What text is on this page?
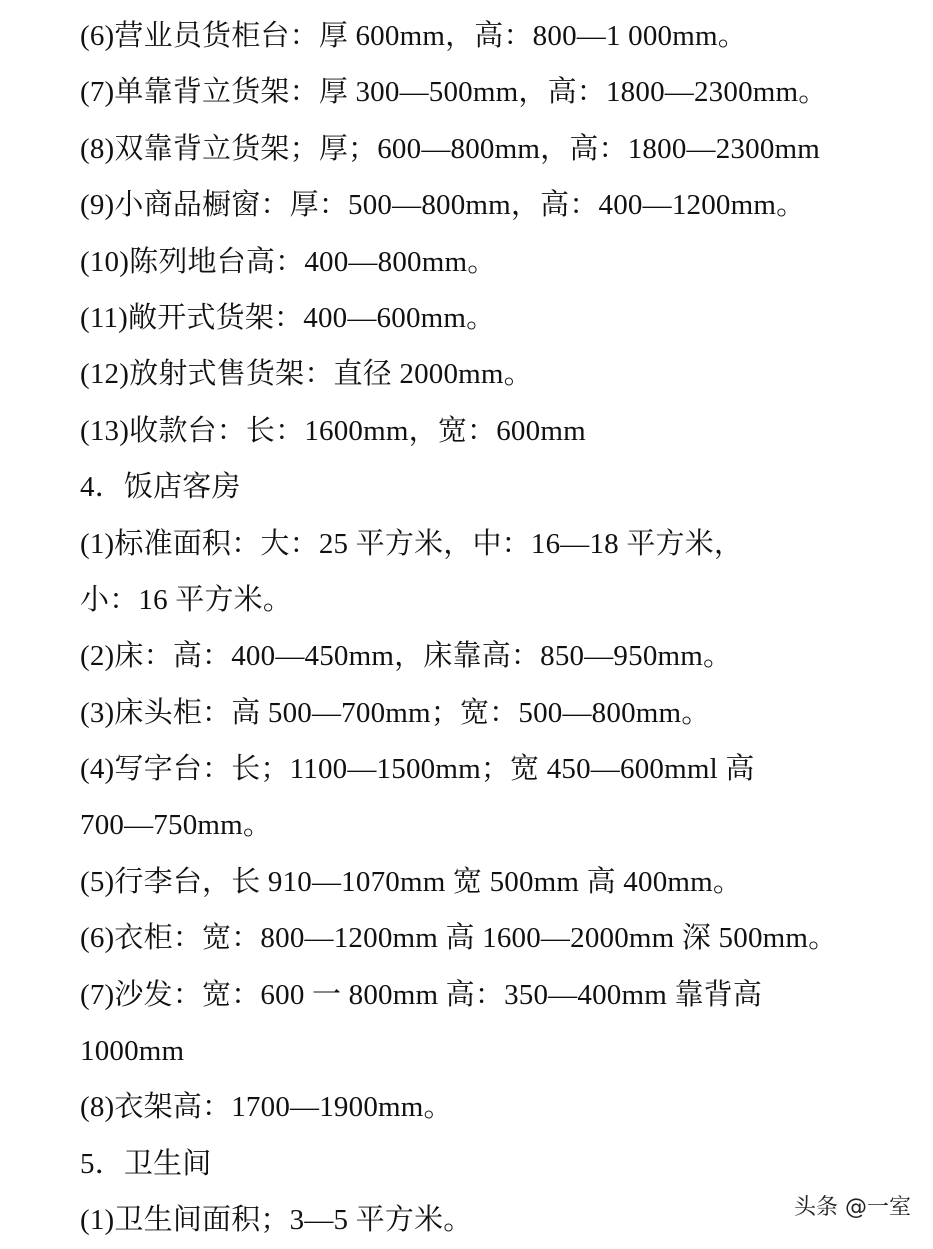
(6)营业员货柜台：厚 600mm，高：800—1 000mm。
(7)单靠背立货架：厚 300—500mm，高：1800—2300mm。
(8)双靠背立货架；厚；600—800mm，高：1800—2300mm
(9)小商品橱窗：厚：500—800mm，高：400—1200mm。
(10)陈列地台高：400—800mm。
(11)敞开式货架：400—600mm。
(12)放射式售货架：直径 2000mm。
(13)收款台：长：1600mm，宽：600mm
4．饭店客房
(1)标准面积：大：25 平方米，中：16—18 平方米，
小：16 平方米。
(2)床：高：400—450mm，床靠高：850—950mm。
(3)床头柜：高 500—700mm；宽：500—800mm。
(4)写字台：长；1100—1500mm；宽 450—600mml 高
700—750mm。
(5)行李台，长 910—1070mm 宽 500mm 高 400mm。
(6)衣柜：宽：800—1200mm 高 1600—2000mm 深 500mm。
(7)沙发：宽：600 一 800mm 高：350—400mm 靠背高
1000mm
(8)衣架高：1700—1900mm。
5．卫生间
(1)卫生间面积；3—5 平方米。	头条 @一室
